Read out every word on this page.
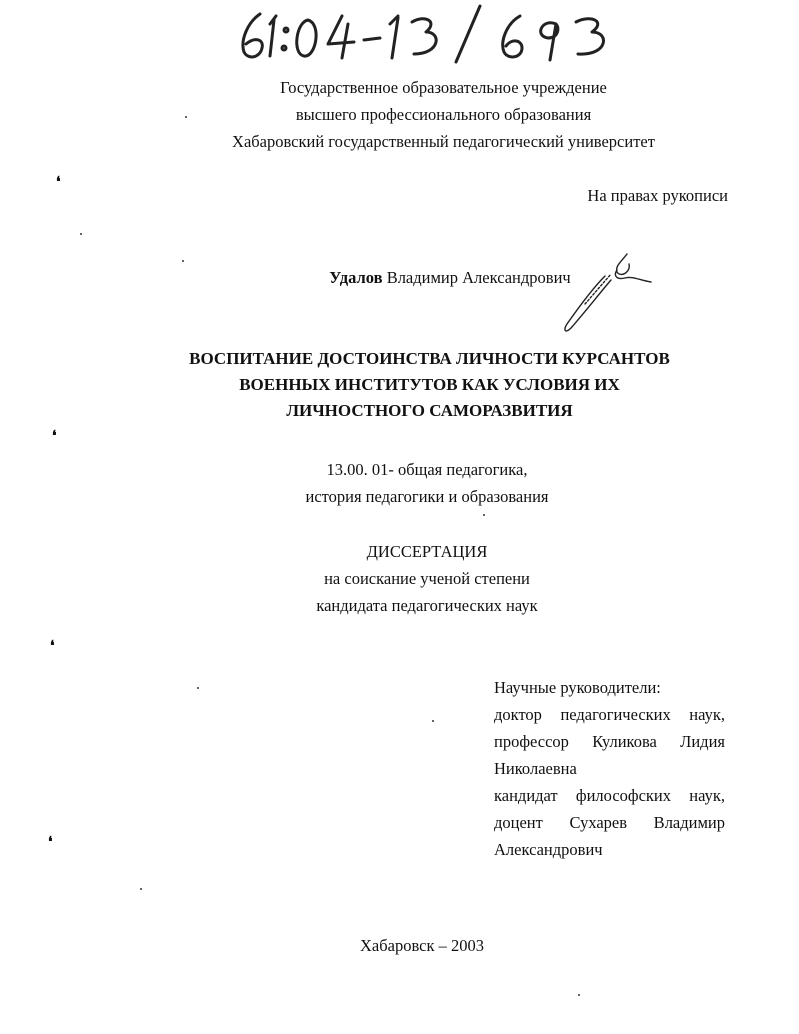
Государственное образовательное учреждение
высшего профессионального образования
Хабаровский государственный педагогический университет
На правах рукописи
Удалов Владимир Александрович
ВОСПИТАНИЕ ДОСТОИНСТВА ЛИЧНОСТИ КУРСАНТОВ
ВОЕННЫХ ИНСТИТУТОВ КАК УСЛОВИЯ ИХ
ЛИЧНОСТНОГО САМОРАЗВИТИЯ
13.00. 01- общая педагогика,
история педагогики и образования
ДИССЕРТАЦИЯ
на соискание ученой степени
кандидата педагогических наук
Научные руководители:
доктор педагогических наук,
профессор Куликова Лидия
Николаевна
кандидат философских наук,
доцент Сухарев Владимир
Александрович
Хабаровск – 2003
❛
❛
❛
❛
